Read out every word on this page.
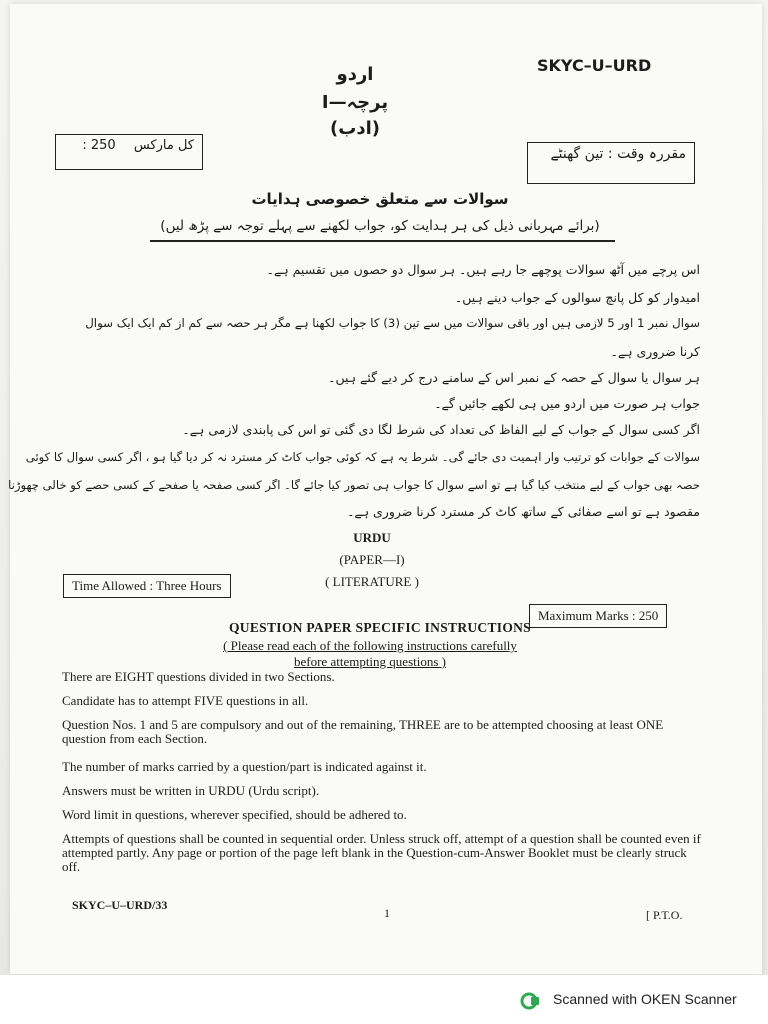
SKYC–U–URD
اردو
پرچہ—I
(ادب)
کل مارکس 250 :
مقررہ وقت : تین گھنٹے
سوالات سے متعلق خصوصی ہدایات
(برائے مہربانی ذیل کی ہر ہدایت کو، جواب لکھنے سے پہلے توجہ سے پڑھ لیں)
اس پرچے میں آٹھ سوالات پوچھے جا رہے ہیں۔ ہر سوال دو حصوں میں تقسیم ہے۔
امیدوار کو کل پانچ سوالوں کے جواب دینے ہیں۔
سوال نمبر 1 اور 5 لازمی ہیں اور باقی سوالات میں سے تین (3) کا جواب لکھنا ہے مگر ہر حصہ سے کم از کم ایک ایک سوال
کرنا ضروری ہے۔
ہر سوال یا سوال کے حصہ کے نمبر اس کے سامنے درج کر دیے گئے ہیں۔
جواب ہر صورت میں اردو میں ہی لکھے جائیں گے۔
اگر کسی سوال کے جواب کے لیے الفاظ کی تعداد کی شرط لگا دی گئی تو اس کی پابندی لازمی ہے۔
سوالات کے جوابات کو ترتیب وار اہمیت دی جائے گی۔ شرط یہ ہے کہ کوئی جواب کاٹ کر مسترد نہ کر دیا گیا ہو ، اگر کسی سوال کا کوئی
حصہ بھی جواب کے لیے منتخب کیا گیا ہے تو اسے سوال کا جواب ہی تصور کیا جائے گا۔ اگر کسی صفحہ یا صفحے کے کسی حصے کو خالی چھوڑنا
مقصود ہے تو اسے صفائی کے ساتھ کاٹ کر مسترد کرنا ضروری ہے۔
URDU
(PAPER—I)
( LITERATURE )
Time Allowed : Three Hours
Maximum Marks : 250
QUESTION PAPER SPECIFIC INSTRUCTIONS
( Please read each of the following instructions carefully
before attempting questions )
There are EIGHT questions divided in two Sections.
Candidate has to attempt FIVE questions in all.
Question Nos. 1 and 5 are compulsory and out of the remaining, THREE are to be attempted choosing at least ONE question from each Section.
The number of marks carried by a question/part is indicated against it.
Answers must be written in URDU (Urdu script).
Word limit in questions, wherever specified, should be adhered to.
Attempts of questions shall be counted in sequential order. Unless struck off, attempt of a question shall be counted even if attempted partly. Any page or portion of the page left blank in the Question-cum-Answer Booklet must be clearly struck off.
SKYC–U–URD/33
1	[ P.T.O.
Scanned with OKEN Scanner
